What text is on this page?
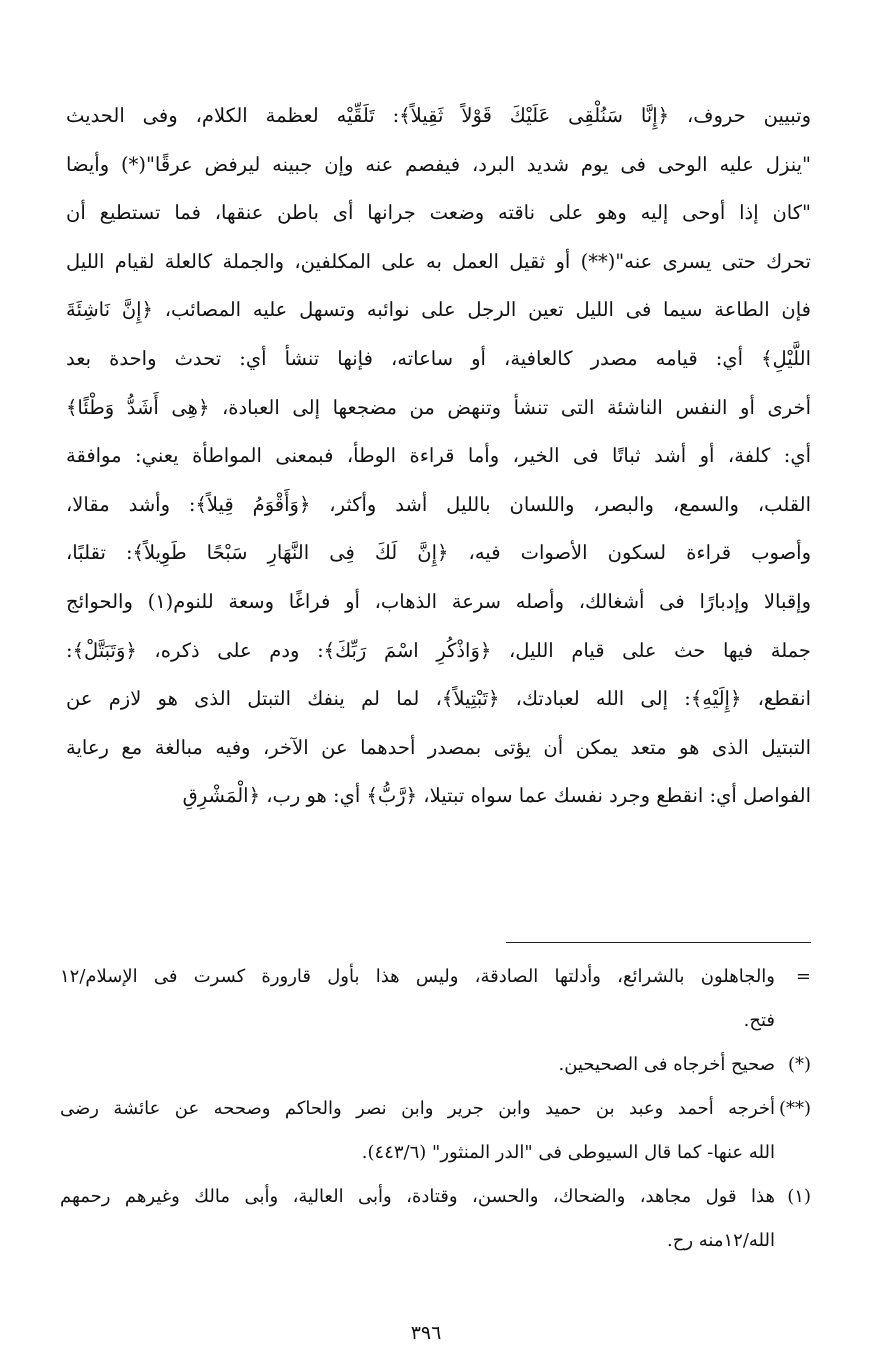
وتبيين حروف، ﴿إِنَّا سَنُلْقِى عَلَيْكَ قَوْلاً ثَقِيلاً﴾: تَلَقِّيْه لعظمة الكلام، وفى الحديث
"ينزل عليه الوحى فى يوم شديد البرد، فيفصم عنه وإن جبينه ليرفض عرقًا"(*) وأيضا
"كان إذا أوحى إليه وهو على ناقته وضعت جرانها أى باطن عنقها، فما تستطيع أن
تحرك حتى يسرى عنه"(**) أو ثقيل العمل به على المكلفين، والجملة كالعلة لقيام الليل
فإن الطاعة سيما فى الليل تعين الرجل على نوائبه وتسهل عليه المصائب، ﴿إِنَّ نَاشِئَةَ
اللَّيْلِ﴾ أي: قيامه مصدر كالعافية، أو ساعاته، فإنها تنشأ أي: تحدث واحدة بعد
أخرى أو النفس الناشئة التى تنشأ وتنهض من مضجعها إلى العبادة، ﴿هِى أَشَدُّ وَطْئًا﴾
أي: كلفة، أو أشد ثباتًا فى الخير، وأما قراءة الوطأ، فبمعنى المواطأة يعني: موافقة
القلب، والسمع، والبصر، واللسان بالليل أشد وأكثر، ﴿وَأَقْوَمُ قِيلاً﴾: وأشد مقالا،
وأصوب قراءة لسكون الأصوات فيه، ﴿إِنَّ لَكَ فِى النَّهَارِ سَبْحًا طَوِيلاً﴾: تقلبًا،
وإقبالا وإدبارًا فى أشغالك، وأصله سرعة الذهاب، أو فراغًا وسعة للنوم(١) والحوائج
جملة فيها حث على قيام الليل، ﴿وَاذْكُرِ اسْمَ رَبِّكَ﴾: ودم على ذكره، ﴿وَتَبَتَّلْ﴾:
انقطع، ﴿إِلَيْهِ﴾: إلى الله لعبادتك، ﴿تَبْتِيلاً﴾، لما لم ينفك التبتل الذى هو لازم عن
التبتيل الذى هو متعد يمكن أن يؤتى بمصدر أحدهما عن الآخر، وفيه مبالغة مع رعاية
الفواصل أي: انقطع وجرد نفسك عما سواه تبتيلا، ﴿رَّبُّ﴾ أي: هو رب، ﴿الْمَشْرِقِ
=
والجاهلون بالشرائع، وأدلتها الصادقة، وليس هذا بأول قارورة كسرت فى الإسلام/١٢
فتح.
(*)
صحيح أخرجاه فى الصحيحين.
(**)
أخرجه أحمد وعبد بن حميد وابن جرير وابن نصر والحاكم وصححه عن عائشة رضى
الله عنها- كما قال السيوطى فى "الدر المنثور" (٤٤٣/٦).
(١)
هذا قول مجاهد، والضحاك، والحسن، وقتادة، وأبى العالية، وأبى مالك وغيرهم رحمهم
الله/١٢منه رح.
٣٩٦
